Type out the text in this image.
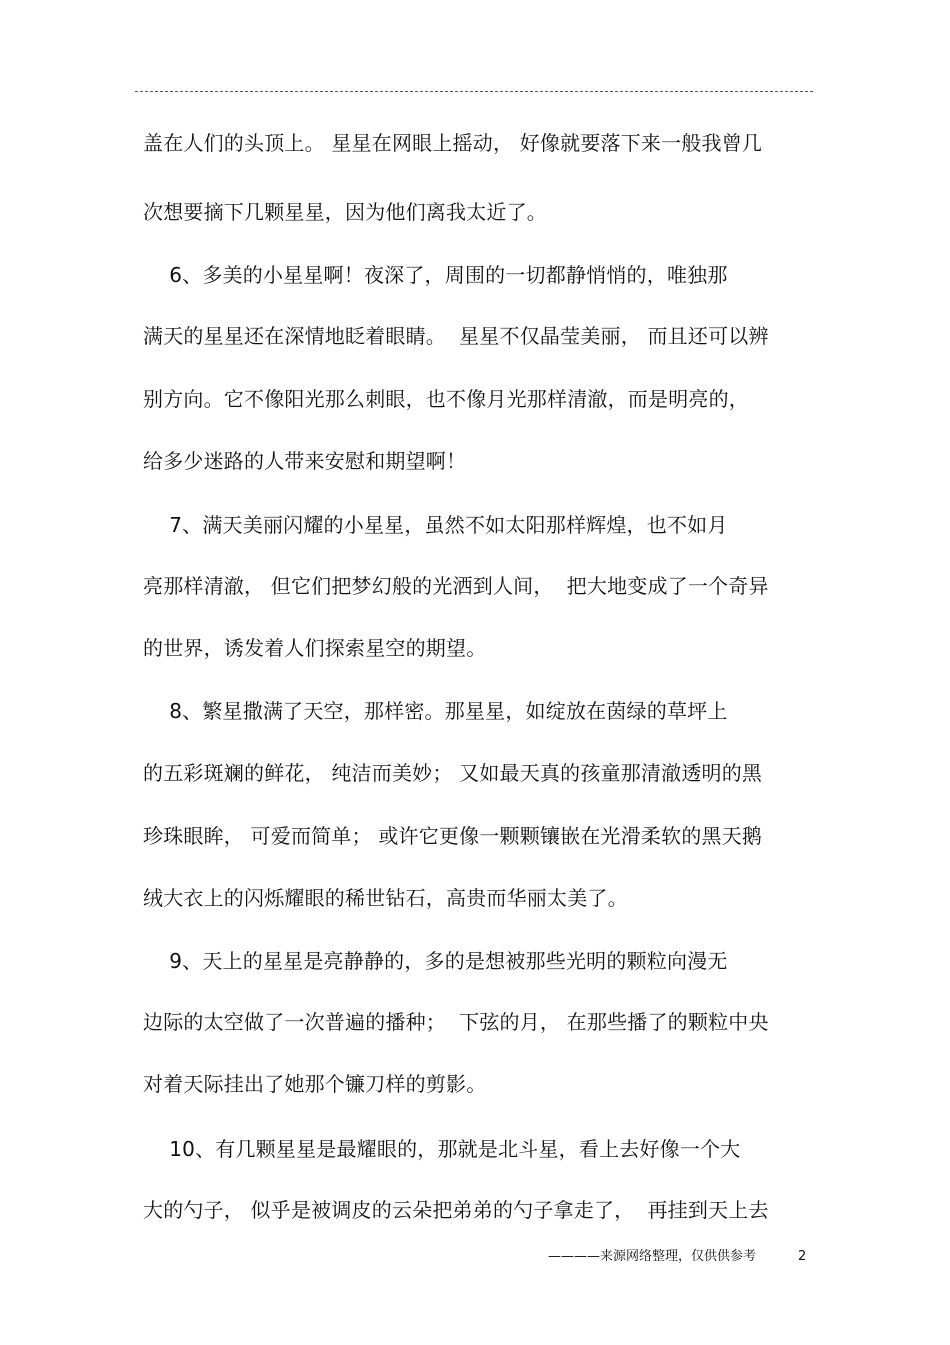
盖在人们的头顶上。 星星在网眼上摇动， 好像就要落下来一般我曾几
次想要摘下几颗星星，因为他们离我太近了。
6、多美的小星星啊！夜深了，周围的一切都静悄悄的，唯独那
满天的星星还在深情地眨着眼睛。  星星不仅晶莹美丽， 而且还可以辨
别方向。它不像阳光那么刺眼，也不像月光那样清澈，而是明亮的，
给多少迷路的人带来安慰和期望啊！
7、满天美丽闪耀的小星星，虽然不如太阳那样辉煌，也不如月
亮那样清澈， 但它们把梦幻般的光洒到人间，  把大地变成了一个奇异
的世界，诱发着人们探索星空的期望。
8、繁星撒满了天空，那样密。那星星，如绽放在茵绿的草坪上
的五彩斑斓的鲜花， 纯洁而美妙； 又如最天真的孩童那清澈透明的黑
珍珠眼眸， 可爱而简单； 或许它更像一颗颗镶嵌在光滑柔软的黑天鹅
绒大衣上的闪烁耀眼的稀世钻石，高贵而华丽太美了。
9、天上的星星是亮静静的，多的是想被那些光明的颗粒向漫无
边际的太空做了一次普遍的播种；  下弦的月， 在那些播了的颗粒中央
对着天际挂出了她那个镰刀样的剪影。
10、有几颗星星是最耀眼的，那就是北斗星，看上去好像一个大
大的勺子， 似乎是被调皮的云朵把弟弟的勺子拿走了，  再挂到天上去
————来源网络整理，仅供供参考	2
